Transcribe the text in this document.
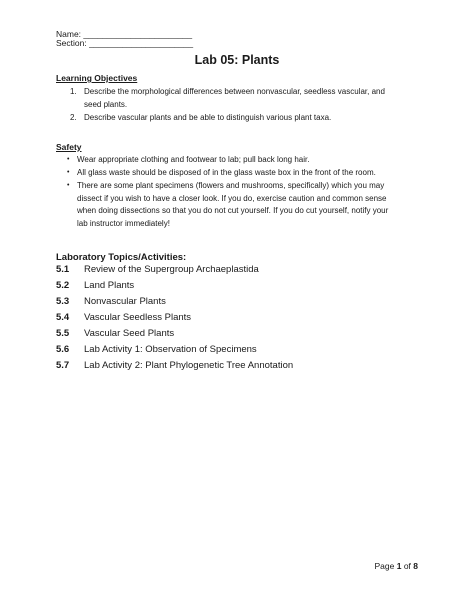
Name: _______________________
Section: ______________________
Lab 05: Plants
Learning Objectives
1. Describe the morphological differences between nonvascular, seedless vascular, and
seed plants.
2. Describe vascular plants and be able to distinguish various plant taxa.
Safety
• Wear appropriate clothing and footwear to lab; pull back long hair.
• All glass waste should be disposed of in the glass waste box in the front of the room.
• There are some plant specimens (flowers and mushrooms, specifically) which you may
dissect if you wish to have a closer look. If you do, exercise caution and common sense
when doing dissections so that you do not cut yourself. If you do cut yourself, notify your
lab instructor immediately!
Laboratory Topics/Activities:
5.1 Review of the Supergroup Archaeplastida
5.2 Land Plants
5.3 Nonvascular Plants
5.4 Vascular Seedless Plants
5.5 Vascular Seed Plants
5.6 Lab Activity 1: Observation of Specimens
5.7 Lab Activity 2: Plant Phylogenetic Tree Annotation
Page 1 of 8
